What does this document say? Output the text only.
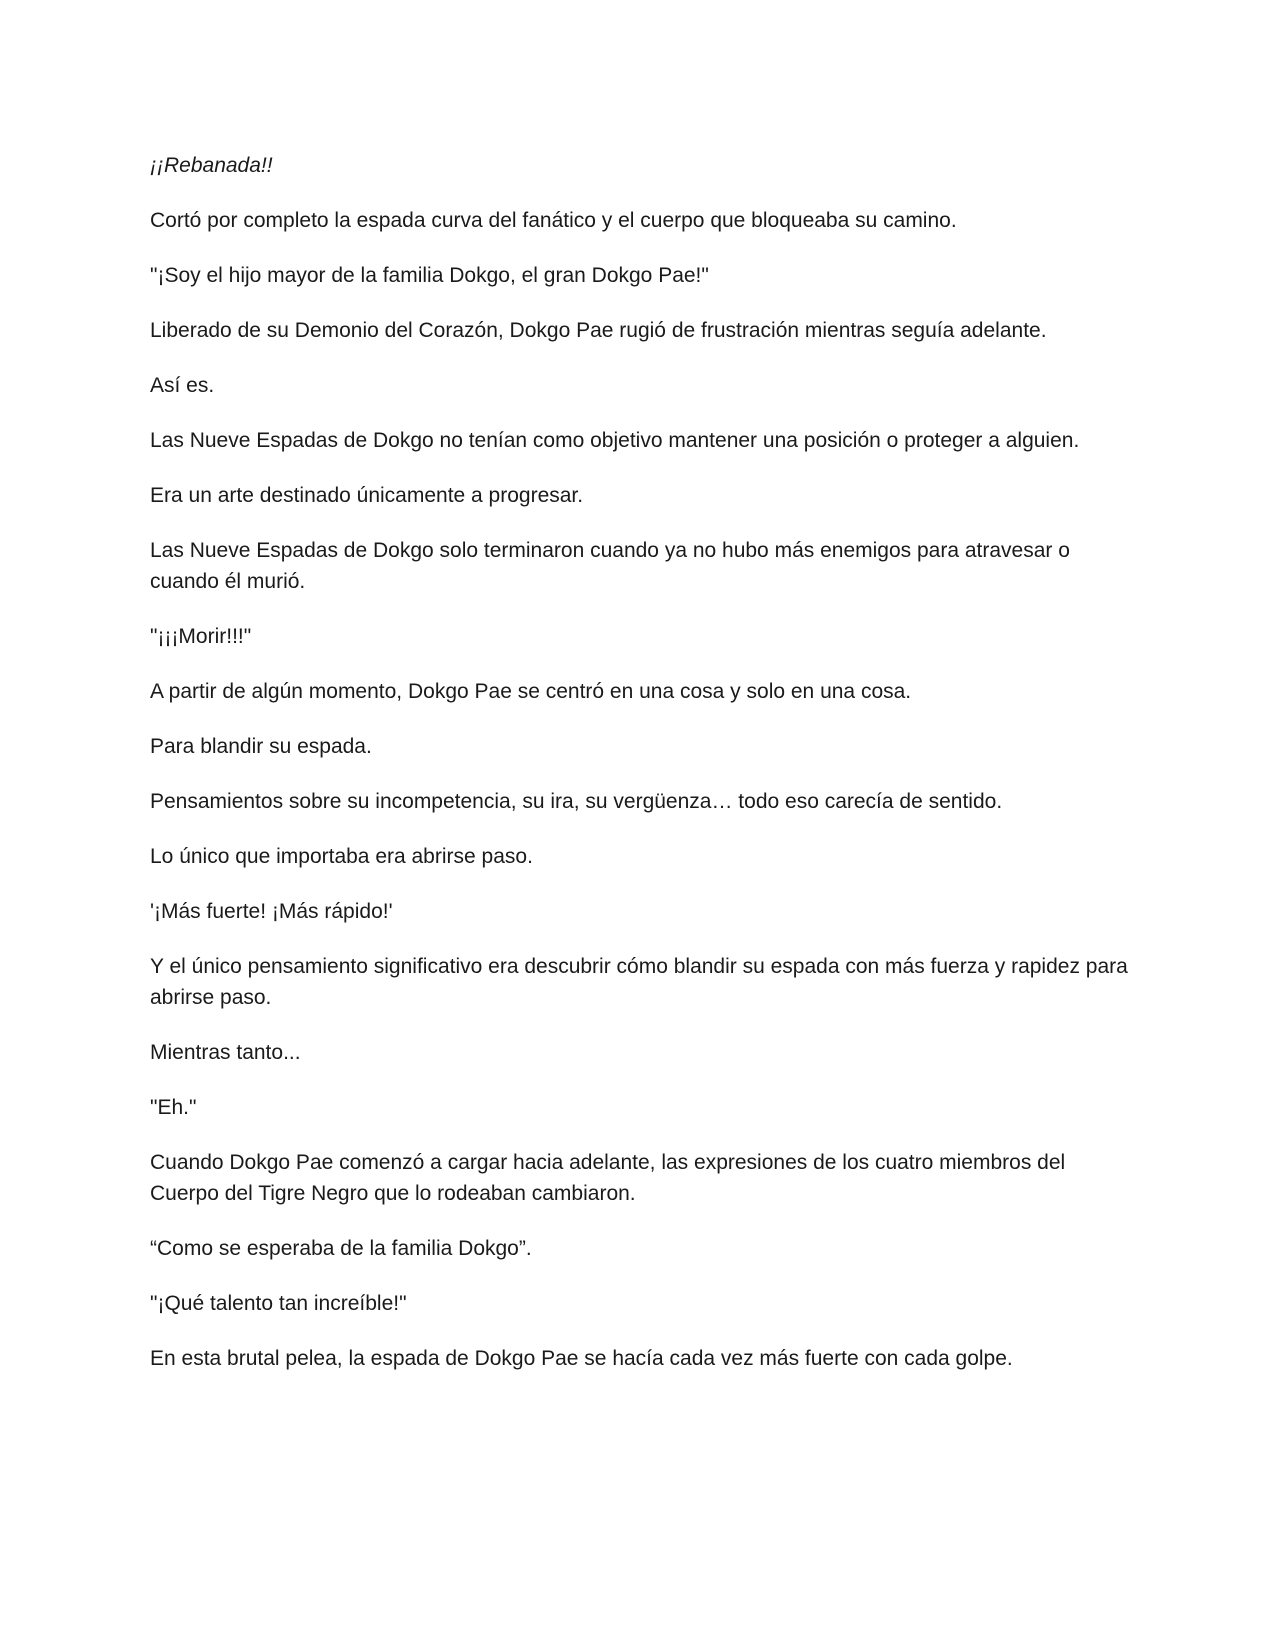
¡¡Rebanada!!

Cortó por completo la espada curva del fanático y el cuerpo que bloqueaba su camino.

"¡Soy el hijo mayor de la familia Dokgo, el gran Dokgo Pae!"

Liberado de su Demonio del Corazón, Dokgo Pae rugió de frustración mientras seguía adelante.

Así es.

Las Nueve Espadas de Dokgo no tenían como objetivo mantener una posición o proteger a alguien.

Era un arte destinado únicamente a progresar.

Las Nueve Espadas de Dokgo solo terminaron cuando ya no hubo más enemigos para atravesar o cuando él murió.

"¡¡¡Morir!!!"

A partir de algún momento, Dokgo Pae se centró en una cosa y solo en una cosa.

Para blandir su espada.

Pensamientos sobre su incompetencia, su ira, su vergüenza… todo eso carecía de sentido.

Lo único que importaba era abrirse paso.

'¡Más fuerte! ¡Más rápido!'

Y el único pensamiento significativo era descubrir cómo blandir su espada con más fuerza y rapidez para abrirse paso.

Mientras tanto...

"Eh."

Cuando Dokgo Pae comenzó a cargar hacia adelante, las expresiones de los cuatro miembros del Cuerpo del Tigre Negro que lo rodeaban cambiaron.

“Como se esperaba de la familia Dokgo”.

"¡Qué talento tan increíble!"

En esta brutal pelea, la espada de Dokgo Pae se hacía cada vez más fuerte con cada golpe.
